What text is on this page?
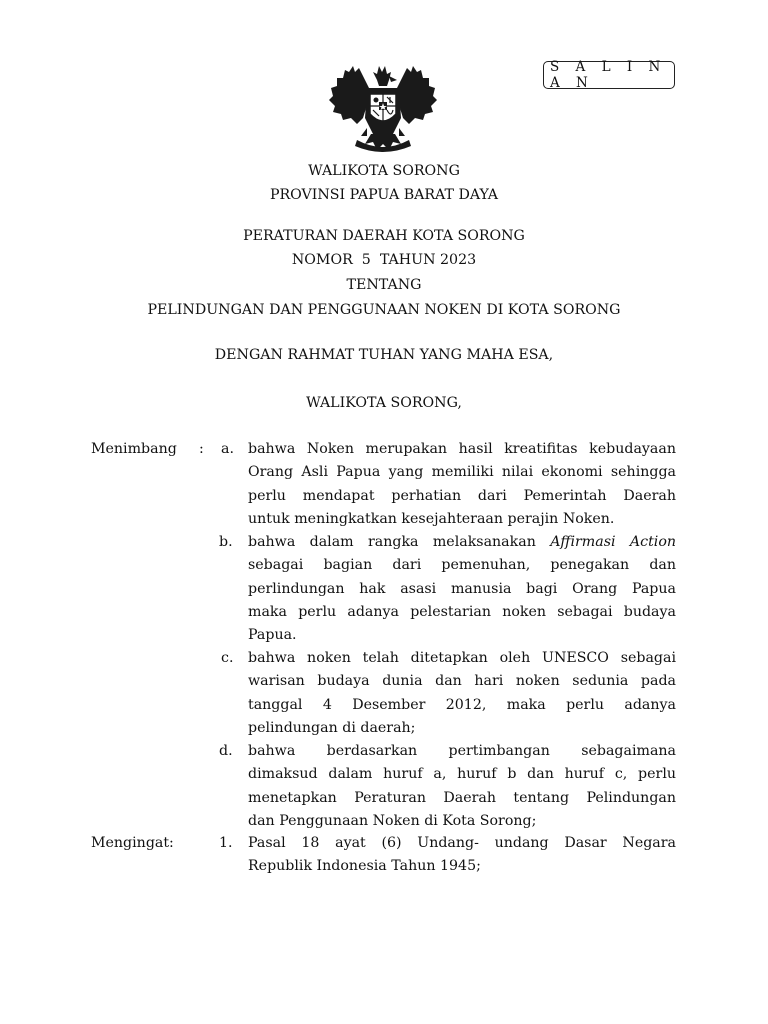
S A L I N A N
WALIKOTA SORONG
PROVINSI PAPUA BARAT DAYA
PERATURAN DAERAH KOTA SORONG
NOMOR  5  TAHUN 2023
TENTANG
PELINDUNGAN DAN PENGGUNAAN NOKEN DI KOTA SORONG
DENGAN RAHMAT TUHAN YANG MAHA ESA,
WALIKOTA SORONG,
Menimbang : a. bahwa Noken merupakan hasil kreatifitas kebudayaan
Orang Asli Papua yang memiliki nilai ekonomi sehingga
perlu mendapat perhatian dari Pemerintah Daerah
untuk meningkatkan kesejahteraan perajin Noken.
b. bahwa dalam rangka melaksanakan Affirmasi Action
sebagai bagian dari pemenuhan, penegakan dan
perlindungan hak asasi manusia bagi Orang Papua
maka perlu adanya pelestarian noken sebagai budaya
Papua.
c. bahwa noken telah ditetapkan oleh UNESCO sebagai
warisan budaya dunia dan hari noken sedunia pada
tanggal 4 Desember 2012, maka perlu adanya
pelindungan di daerah;
d. bahwa berdasarkan pertimbangan sebagaimana
dimaksud dalam huruf a, huruf b dan huruf c, perlu
menetapkan Peraturan Daerah tentang Pelindungan
dan Penggunaan Noken di Kota Sorong;
Mengingat:	1. Pasal 18 ayat (6) Undang- undang Dasar Negara
Republik Indonesia Tahun 1945;
